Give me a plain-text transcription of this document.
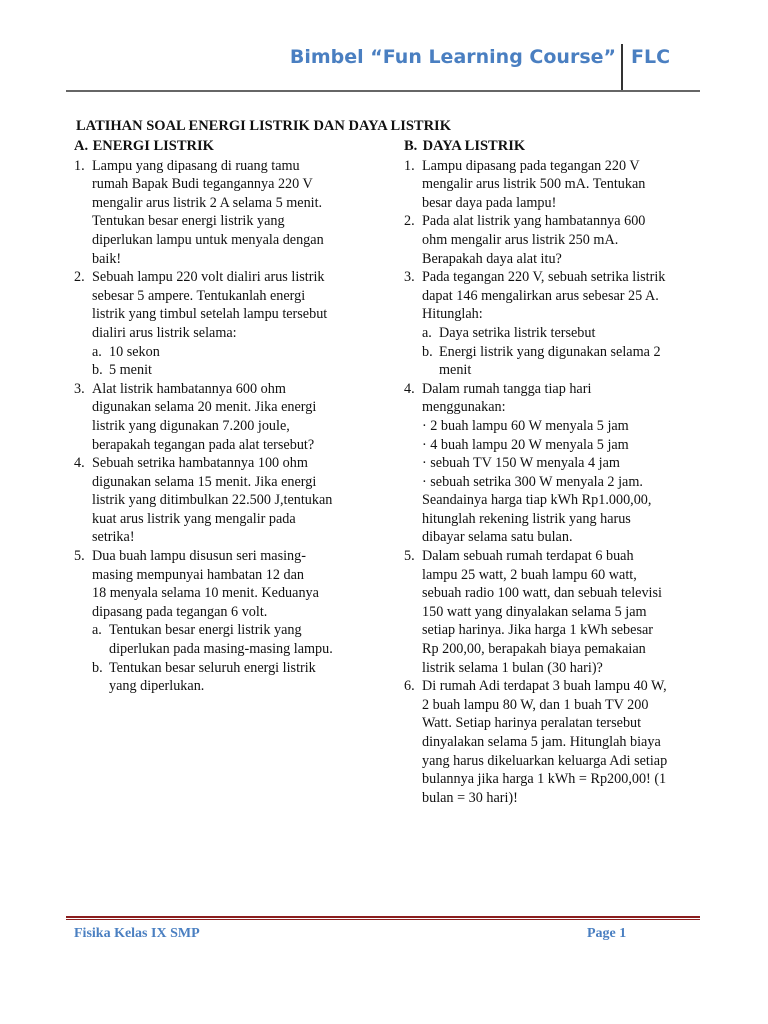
Bimbel “Fun Learning Course” FLC
LATIHAN SOAL ENERGI LISTRIK DAN DAYA LISTRIK
A. ENERGI LISTRIK
1. Lampu yang dipasang di ruang tamu
rumah Bapak Budi tegangannya 220 V
mengalir arus listrik 2 A selama 5 menit.
Tentukan besar energi listrik yang
diperlukan lampu untuk menyala dengan
baik!
2. Sebuah lampu 220 volt dialiri arus listrik
sebesar 5 ampere. Tentukanlah energi
listrik yang timbul setelah lampu tersebut
dialiri arus listrik selama:
a. 10 sekon
b. 5 menit
3. Alat listrik hambatannya 600 ohm
digunakan selama 20 menit. Jika energi
listrik yang digunakan 7.200 joule,
berapakah tegangan pada alat tersebut?
4. Sebuah setrika hambatannya 100 ohm
digunakan selama 15 menit. Jika energi
listrik yang ditimbulkan 22.500 J,tentukan
kuat arus listrik yang mengalir pada
setrika!
5. Dua buah lampu disusun seri masing-
masing mempunyai hambatan 12 dan
18 menyala selama 10 menit. Keduanya
dipasang pada tegangan 6 volt.
a. Tentukan besar energi listrik yang
diperlukan pada masing-masing lampu.
b. Tentukan besar seluruh energi listrik
yang diperlukan.
B. DAYA LISTRIK
1. Lampu dipasang pada tegangan 220 V
mengalir arus listrik 500 mA. Tentukan
besar daya pada lampu!
2. Pada alat listrik yang hambatannya 600
ohm mengalir arus listrik 250 mA.
Berapakah daya alat itu?
3. Pada tegangan 220 V, sebuah setrika listrik
dapat 146 mengalirkan arus sebesar 25 A.
Hitunglah:
a. Daya setrika listrik tersebut
b. Energi listrik yang digunakan selama 2
menit
4. Dalam rumah tangga tiap hari
menggunakan:
· 2 buah lampu 60 W menyala 5 jam
· 4 buah lampu 20 W menyala 5 jam
· sebuah TV 150 W menyala 4 jam
· sebuah setrika 300 W menyala 2 jam.
Seandainya harga tiap kWh Rp1.000,00,
hitunglah rekening listrik yang harus
dibayar selama satu bulan.
5. Dalam sebuah rumah terdapat 6 buah
lampu 25 watt, 2 buah lampu 60 watt,
sebuah radio 100 watt, dan sebuah televisi
150 watt yang dinyalakan selama 5 jam
setiap harinya. Jika harga 1 kWh sebesar
Rp 200,00, berapakah biaya pemakaian
listrik selama 1 bulan (30 hari)?
6. Di rumah Adi terdapat 3 buah lampu 40 W,
2 buah lampu 80 W, dan 1 buah TV 200
Watt. Setiap harinya peralatan tersebut
dinyalakan selama 5 jam. Hitunglah biaya
yang harus dikeluarkan keluarga Adi setiap
bulannya jika harga 1 kWh = Rp200,00! (1
bulan = 30 hari)!
Fisika Kelas IX SMP	Page 1
